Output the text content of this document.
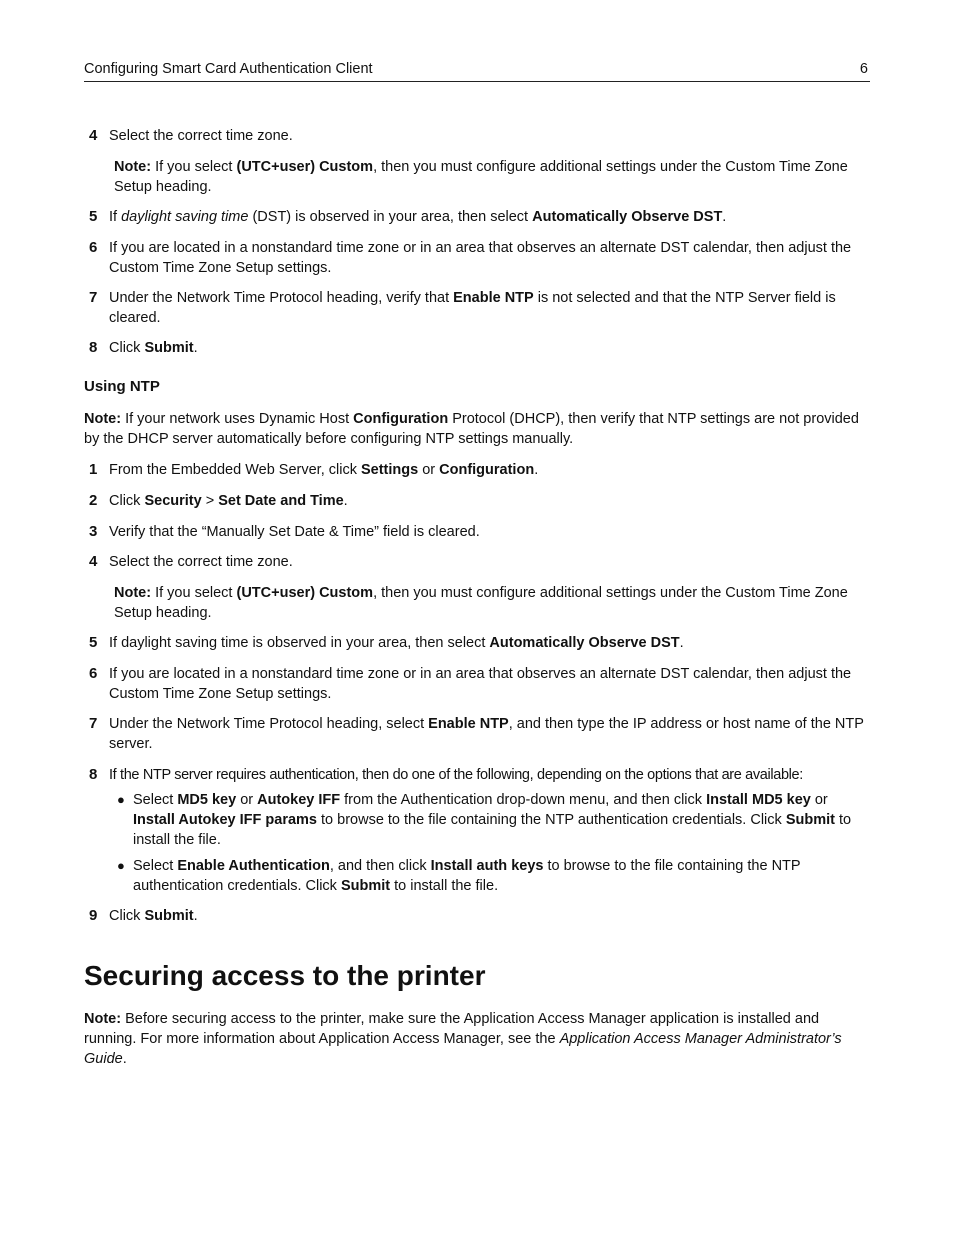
Configuring Smart Card Authentication Client	6
4 Select the correct time zone.
Note: If you select (UTC+user) Custom, then you must configure additional settings under the Custom Time Zone Setup heading.
5 If daylight saving time (DST) is observed in your area, then select Automatically Observe DST.
6 If you are located in a nonstandard time zone or in an area that observes an alternate DST calendar, then adjust the Custom Time Zone Setup settings.
7 Under the Network Time Protocol heading, verify that Enable NTP is not selected and that the NTP Server field is cleared.
8 Click Submit.
Using NTP
Note: If your network uses Dynamic Host Configuration Protocol (DHCP), then verify that NTP settings are not provided by the DHCP server automatically before configuring NTP settings manually.
1 From the Embedded Web Server, click Settings or Configuration.
2 Click Security > Set Date and Time.
3 Verify that the “Manually Set Date & Time” field is cleared.
4 Select the correct time zone.
Note: If you select (UTC+user) Custom, then you must configure additional settings under the Custom Time Zone Setup heading.
5 If daylight saving time is observed in your area, then select Automatically Observe DST.
6 If you are located in a nonstandard time zone or in an area that observes an alternate DST calendar, then adjust the Custom Time Zone Setup settings.
7 Under the Network Time Protocol heading, select Enable NTP, and then type the IP address or host name of the NTP server.
8 If the NTP server requires authentication, then do one of the following, depending on the options that are available:
● Select MD5 key or Autokey IFF from the Authentication drop-down menu, and then click Install MD5 key or Install Autokey IFF params to browse to the file containing the NTP authentication credentials. Click Submit to install the file.
● Select Enable Authentication, and then click Install auth keys to browse to the file containing the NTP authentication credentials. Click Submit to install the file.
9 Click Submit.
Securing access to the printer
Note: Before securing access to the printer, make sure the Application Access Manager application is installed and running. For more information about Application Access Manager, see the Application Access Manager Administrator’s Guide.
